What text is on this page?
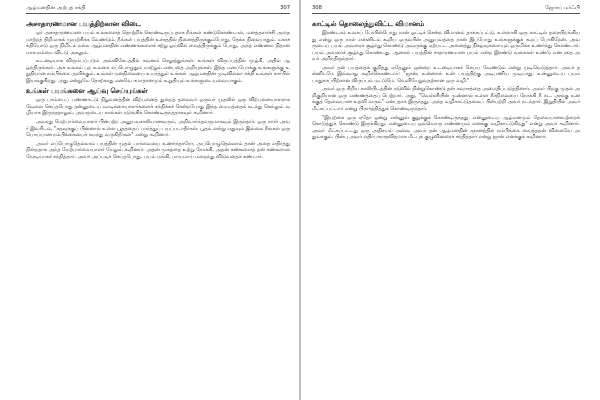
ஆழ்மனதின் அற்புத சக்தி	307
அசாதாரணமான பயத்திற்கான விடை

ஒர் அசாதாரணமான பயம் உங்களைத் தொற்றிக் கொண்டிருப்பதாக நீங்கள் கண்டுகொண்டால், மனத்தளர்ச்சி அதை மாற்றத் திறிமாகக் முயற்சிக்க வேண்டும். நீங்கள் பயத்தின் உச்சத்தில் நினைத்திருக்கும்போது. தேக்க நிலையாதும். மகாசக்தியோடு ஒரு நிமிடம் நல்ல ஆழ்மனதின் எண்ணங்களைச் சற்று ஓய்வில் வைத்திருக்கும் போது, அந்த எண்ணம் நிதானமாக நம்மை விட்டு அகலும்.

உடனடியாக விரும்பப்படும் அவ்விசேடத்தில் கவனம் செலுத்துங்கள். உங்கள் விருப்பத்தில் மூழ்கி, அதில் ஆழ்ந்திருங்கள். அக உலகம் புற உலகை எப்பொழுதும் மாற்றும் என்பதை அறியுங்கள். இந்த மனப்போக்கு உங்களுக்கு உறுதியான நம்பிக்கை அளிக்கும். உங்கள் மனநிலையை உயர்த்தும் உங்கள் ஆழ்மனதின் முடிவில்லா சக்தி உங்கள் சார்பில் இயங்குகிறது. அது என்றுமே தோற்காது எனவே சமாதானமும் உறுதியும் உங்களுடையவையாகும்.

உங்கள் பயங்களை ஆய்வு செய்யுங்கள்

ஒரு பாம்பைப் பண்ணாட்டு நிறுவனத்தின் விற்பனைத் துறைத் தலைவர் ஒருவர் முதலில் ஒரு விற்பனையாளராக வேலை செய்தபோது தன்னுடைய வாடிக்கையாளர்களைச் சந்திக்கச் சென்றபோது இந்த மையத்தைக் கடந்து செல்லும் வழியாக இருந்ததாலும், அவருடைய கால்கள் நடுங்கிக் கொண்டிருந்ததாகவும் கூறினார்.

அவரது மேற்பார்வையாளர் பின்பற்ற அனுபவசாலியானவரும், அறிவார்ந்தவருமாகவும் இருந்தார். ஒரு நாள் அவர் இவரிடம், "கதவுக்குப் பின்னால் உள்ள பூதத்தைப் பார்த்துப் பயப்படாதீர்கள். பூதம் என்று எதுவும் இல்லை நீங்கள் ஒரு பொய்யான நம்பிக்கையைச் சுமந்து வருகிறீர்கள்" என்று கூறினார்.

அவர் எப்பொழுதெல்லாம் பயத்தின் முதல் பார்வையை உணர்ந்தாரோ, அப்பொழுதெல்லாம் தான் அதை எதிர்த்து நின்றதாக அந்த மேற்பார்வையாளர் மேலும் கூறினார். அதன் முகத்தை உற்று நோக்கி, அதன் கண்களைத் தன் கண்களால் நேரடியாகச் சந்தித்தார். அவர் அப்படிச் செய்தபோது, பயம் மங்கி, மாயமாய் மறைந்து விடுவதைக் கண்டார்.

308	ஜோசப் மர்ஃபி
காட்டில் தொலைந்துவிட்ட விமானம்

இரண்டாம் உலகப் போரின்போது நான் ஓட்டிச் சென்ற விமானம் தாக்கப்பட்டு, உள்ளாகி ஒரு காட்டில் தரையிறங்கியது என்று ஒரு நாள் என்னிடம் கூறிய ஒருவரின் அனுபவத்தை நான் இப்போது உங்களுக்குக் கூறப் போகிறேன். அவருடைய பயம் அவரைச் சூழ்ந்து கொண்டு அவருக்கு ஏற்பட்ட அனைத்து நிகழ்வுகளையும் ஒருமிக்க உணர்ந்து கொண்டார். பயம் அவரைச் சூழ்ந்து கொண்டது. ஆனால் பயத்தின் சாதாரணமான பயம் என்ற இரண்டு வகைகள் உண்டு என்பதை அவர் அறிந்திருந்தார்.

அவர் தன் பயத்தைக் குறித்து ஏதேனும் ஒன்றை உடனடியாகச் செய்ய வேண்டும் என்று முடிவெடுத்தார். அவர் தன்னிடமே இவ்வாறு கூறிக்கொண்டார்: "ஜான், உன்னால் உன் பயத்திற்கு அடிபணிய முடியாது. உன்னுடைய பயம் பாதுகாப்பிற்கான விருப்பம் மட்டுமே. வெளியேறுவதற்கான ஒரு வழி."

அவர் ஒரு சிறிய காலியிடத்தின் நடுவில் நின்றுகொண்டு தன் சுவாசத்தை அமைதிப்படுத்தினார். அவர் பிறகு முதல் அறிகுறியான ஒரு எண்ணத்தைப் பெற்றார். அது, "வெள்ளியின் முன்னால் உள்ள நீர்நிலையை நோக்கி நீ நட. அங்கு உனக்குத் தேவையான உதவி வரும்" என்பதாக இருந்தது. அந்த வழிகாட்டுதலைப் பின்பற்றி அவர் நடந்தார். இறுதியில் அவர் மீட்கப்பட்டார் என்று பிரார்த்தித்துக் கொண்டிருந்தார்.

"இயற்கை ஒரு ஏதோ ஒன்று என்னுள் குறுக்குக் கொண்டிருந்தது. என்னுடைய ஆழ்மனமும் தேவையானவற்றைக் கொடுத்துக் கொண்டு இருக்கிறது. என்னுடைய ஒவ்வொரு எண்ணமும் எனக்கு வழிகாட்டுகிறது" என்று அவர் கூறினார். அவர் மீட்கப்பட்டது ஒரு அதிசயம் அல்ல, அவர் தன் ஆழ்மனதின் ஞானத்தில் நம்பிக்கை வைத்ததன் விளைவே அதுவாகும். பின்பு அவர் எதிர்பாராதவிதமாக மீட்புக் குழுவினரைச் சந்தித்தார் என்று ஜான் எனக்குக் கூறினார்.
